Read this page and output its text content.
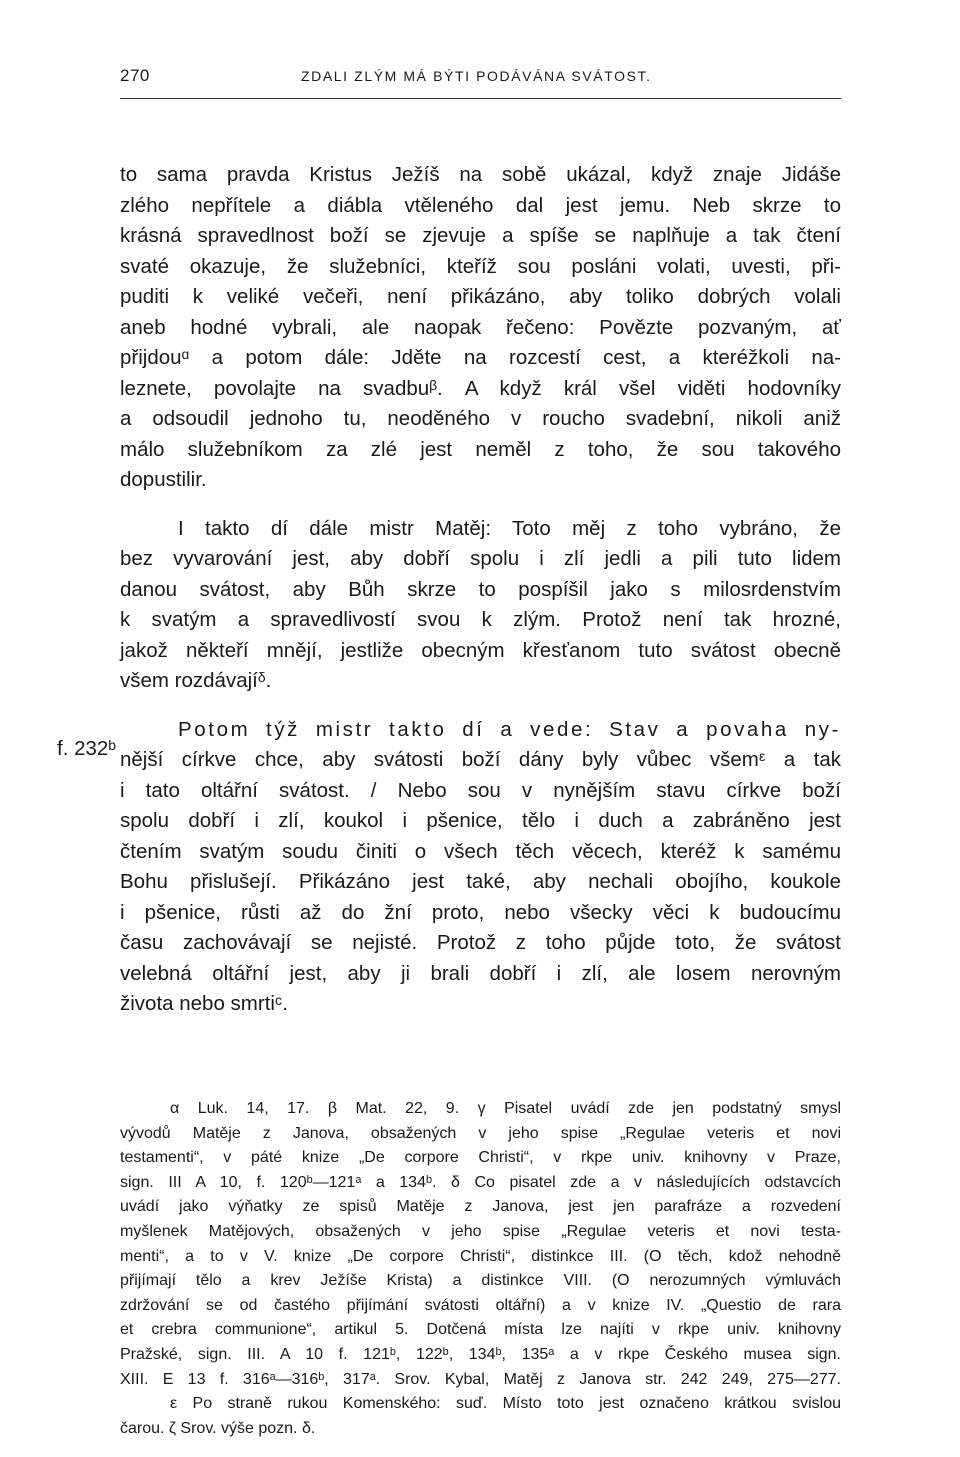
270	ZDALI ZLÝM MÁ BÝTI PODÁVÁNA SVÁTOST.
f. 232ᵇ
to sama pravda Kristus Ježíš na sobě ukázal, když znaje Jidáše
zlého nepřítele a diábla vtěleného dal jest jemu. Neb skrze to
krásná spravedlnost boží se zjevuje a spíše se naplňuje a tak čtení
svaté okazuje, že služebníci, kteříž sou posláni volati, uvesti, při-
puditi k veliké večeři, není přikázáno, aby toliko dobrých volali
aneb hodné vybrali, ale naopak řečeno: Povězte pozvaným, ať
přijdouᵅ a potom dále: Jděte na rozcestí cest, a kteréžkoli na-
leznete, povolajte na svadbuᵝ. A když král všel viděti hodovníky
a odsoudil jednoho tu, neoděného v roucho svadební, nikoli aniž
málo služebníkom za zlé jest neměl z toho, že sou takového
dopustilir.
I takto dí dále mistr Matěj: Toto měj z toho vybráno, že
bez vyvarování jest, aby dobří spolu i zlí jedli a pili tuto lidem
danou svátost, aby Bůh skrze to pospíšil jako s milosrdenstvím
k svatým a spravedlivostí svou k zlým. Protož není tak hrozné,
jakož někteří mnějí, jestliže obecným křesťanom tuto svátost obecně
všem rozdávajíᵟ.
Potom týž mistr takto dí a vede: Stav a povaha ny-
nější církve chce, aby svátosti boží dány byly vůbec všemᵋ a tak
i tato oltářní svátost. / Nebo sou v nynějším stavu církve boží
spolu dobří i zlí, koukol i pšenice, tělo i duch a zabráněno jest
čtením svatým soudu činiti o všech těch věcech, kteréž k samému
Bohu přislušejí. Přikázáno jest také, aby nechali obojího, koukole
i pšenice, růsti až do žní proto, nebo všecky věci k budoucímu
času zachovávají se nejisté. Protož z toho půjde toto, že svátost
velebná oltářní jest, aby ji brali dobří i zlí, ale losem nerovným
života nebo smrtiᶜ.
α Luk. 14, 17. β Mat. 22, 9. γ Pisatel uvádí zde jen podstatný smysl
vývodů Matěje z Janova, obsažených v jeho spise „Regulae veteris et novi
testamenti“, v páté knize „De corpore Christi“, v rkpe univ. knihovny v Praze,
sign. III A 10, f. 120ᵇ—121ᵃ a 134ᵇ. δ Co pisatel zde a v následujících odstavcích
uvádí jako výňatky ze spisů Matěje z Janova, jest jen parafráze a rozvedení
myšlenek Matějových, obsažených v jeho spise „Regulae veteris et novi testa-
menti“, a to v V. knize „De corpore Christi“, distinkce III. (O těch, kdož nehodně
přijímají tělo a krev Ježíše Krista) a distinkce VIII. (O nerozumných výmluvách
zdržování se od častého přijímání svátosti oltářní) a v knize IV. „Questio de rara
et crebra communione“, artikul 5. Dotčená místa lze najíti v rkpe univ. knihovny
Pražské, sign. III. A 10 f. 121ᵇ, 122ᵇ, 134ᵇ, 135ᵃ a v rkpe Českého musea sign.
XIII. E 13 f. 316ᵃ—316ᵇ, 317ᵃ. Srov. Kybal, Matěj z Janova str. 242 249, 275—277.
ε Po straně rukou Komenského: suď. Místo toto jest označeno krátkou svislou
čarou. ζ Srov. výše pozn. δ.
